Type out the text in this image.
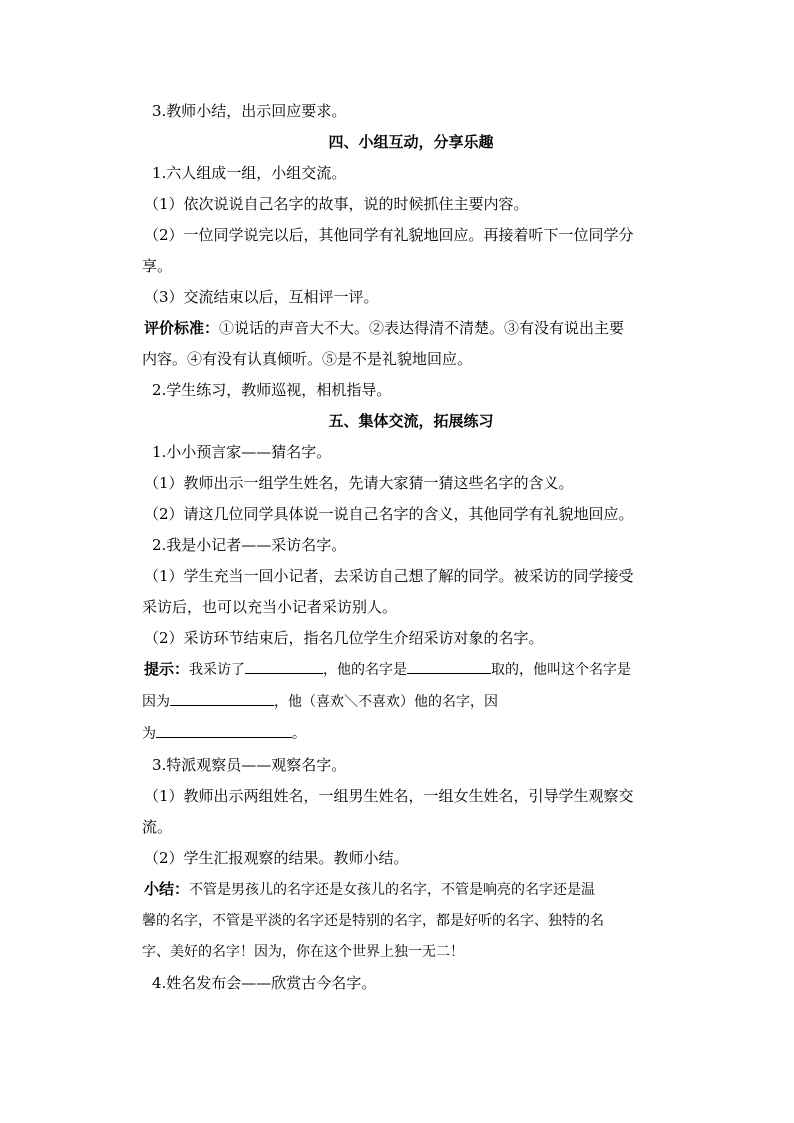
3.教师小结，出示回应要求。

四、小组互动，分享乐趣

1.六人组成一组，小组交流。

（1）依次说说自己名字的故事，说的时候抓住主要内容。

（2）一位同学说完以后，其他同学有礼貌地回应。再接着听下一位同学分

享。

（3）交流结束以后，互相评一评。

评价标准：①说话的声音大不大。②表达得清不清楚。③有没有说出主要

内容。④有没有认真倾听。⑤是不是礼貌地回应。

2.学生练习，教师巡视，相机指导。

五、集体交流，拓展练习

1.小小预言家——猜名字。

（1）教师出示一组学生姓名，先请大家猜一猜这些名字的含义。

（2）请这几位同学具体说一说自己名字的含义，其他同学有礼貌地回应。

2.我是小记者——采访名字。

（1）学生充当一回小记者，去采访自己想了解的同学。被采访的同学接受

采访后，也可以充当小记者采访别人。

（2）采访环节结束后，指名几位学生介绍采访对象的名字。

提示：我采访了	，他的名字是	取的，他叫这个名字是

因为	，他（喜欢＼不喜欢）他的名字，因

为	。

3.特派观察员——观察名字。

（1）教师出示两组姓名，一组男生姓名，一组女生姓名，引导学生观察交

流。

（2）学生汇报观察的结果。教师小结。

小结：不管是男孩儿的名字还是女孩儿的名字，不管是响亮的名字还是温

馨的名字，不管是平淡的名字还是特别的名字，都是好听的名字、独特的名

字、美好的名字！因为，你在这个世界上独一无二！

4.姓名发布会——欣赏古今名字。
